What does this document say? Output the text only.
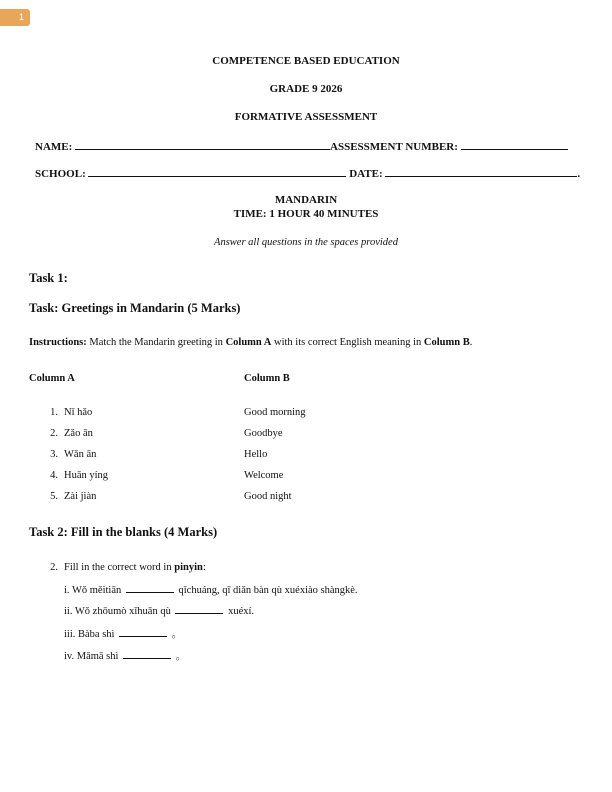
1
COMPETENCE BASED EDUCATION
GRADE 9 2026
FORMATIVE ASSESSMENT
NAME:	ASSESSMENT NUMBER:
SCHOOL:	DATE:	.
MANDARIN
TIME: 1 HOUR 40 MINUTES
Answer all questions in the spaces provided
Task 1:
Task: Greetings in Mandarin (5 Marks)
Instructions: Match the Mandarin greeting in Column A with its correct English meaning in Column B.
Column A	Column B
1. Nǐ hǎo	Good morning
2. Zǎo ān	Goodbye
3. Wǎn ān	Hello
4. Huān yíng	Welcome
5. Zài jiàn	Good night
Task 2: Fill in the blanks (4 Marks)
2. Fill in the correct word in pinyin:
i. Wǒ měitiān	qǐchuáng, qī diǎn bàn qù xuéxiào shàngkè.
ii. Wǒ zhōumò xǐhuān qù	xuéxí.
iii. Bàba shì	。
iv. Māmā shì	。
